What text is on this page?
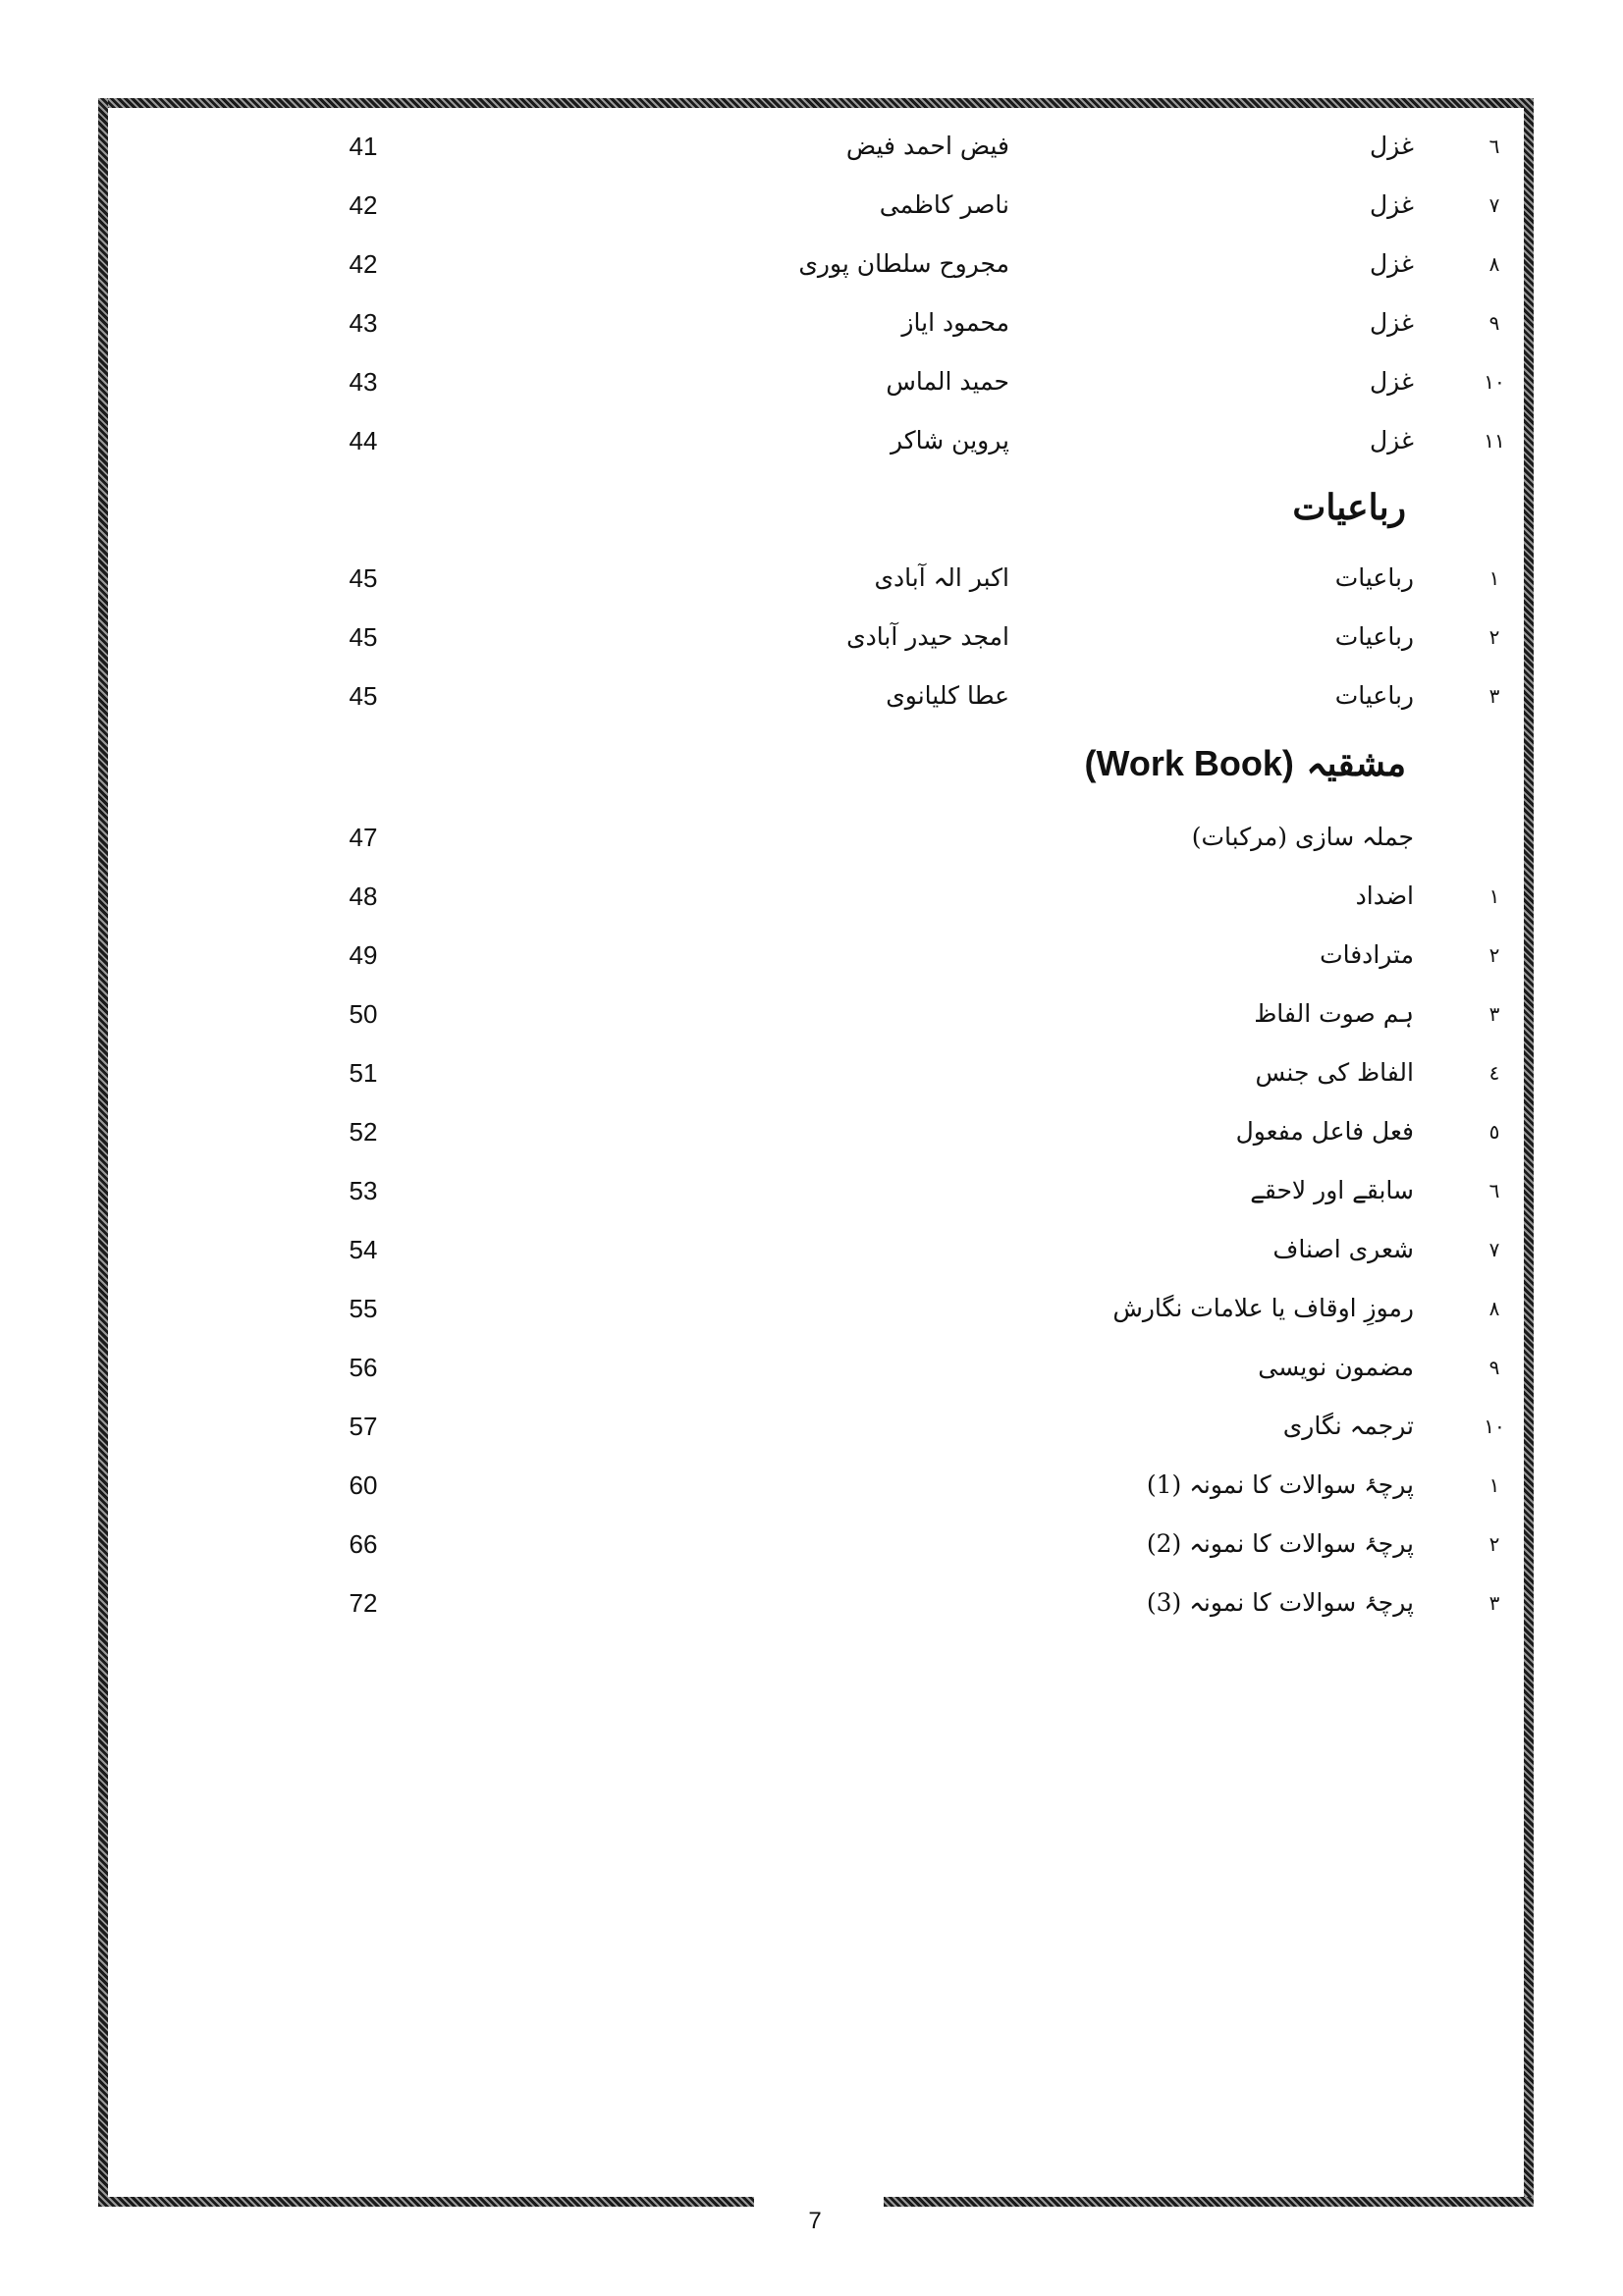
٦
غزل
فیض احمد فیض
41
٧
غزل
ناصر کاظمی
42
٨
غزل
مجروح سلطان پوری
42
٩
غزل
محمود ایاز
43
١٠
غزل
حمید الماس
43
١١
غزل
پروین شاکر
44
رباعیات
١
رباعیات
اکبر الہ آبادی
45
٢
رباعیات
امجد حیدر آبادی
45
٣
رباعیات
عطا کلیانوی
45
مشقیہ (Work Book)
جملہ سازی (مرکبات)
47
١
اضداد
48
٢
مترادفات
49
٣
ہم صوت الفاظ
50
٤
الفاظ کی جنس
51
٥
فعل فاعل مفعول
52
٦
سابقے اور لاحقے
53
٧
شعری اصناف
54
٨
رموزِ اوقاف یا علامات نگارش
55
٩
مضمون نویسی
56
١٠
ترجمہ نگاری
57
١
پرچۂ سوالات کا نمونہ (1)
60
٢
پرچۂ سوالات کا نمونہ (2)
66
٣
پرچۂ سوالات کا نمونہ (3)
72
7
